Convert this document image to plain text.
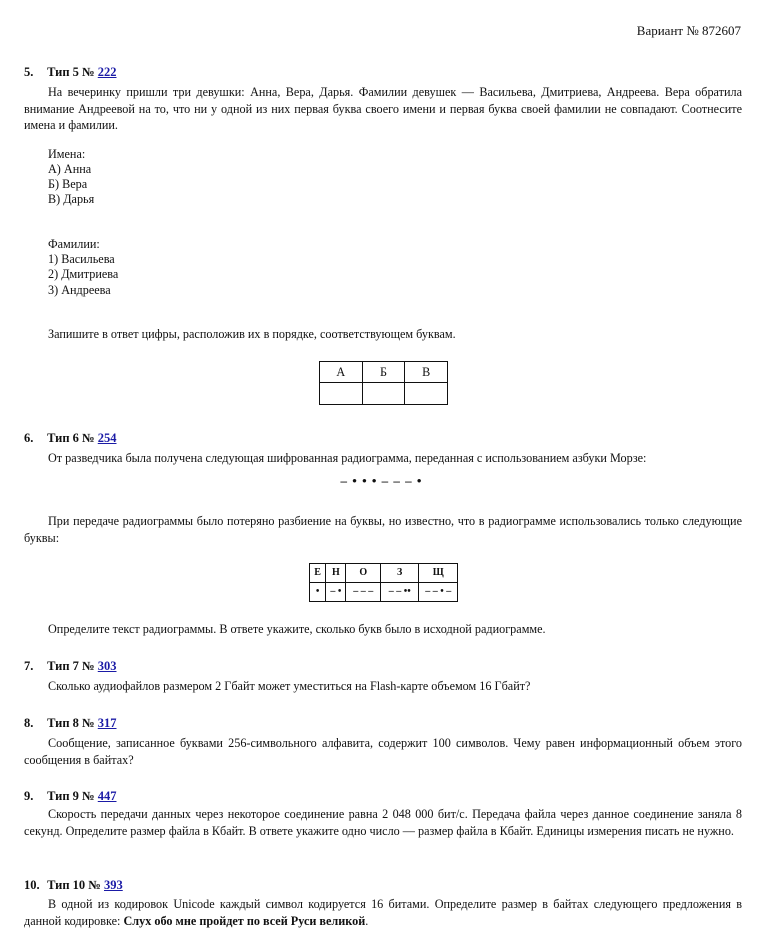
Вариант № 872607
5. Тип 5 № 222
На вечеринку пришли три девушки: Анна, Вера, Дарья. Фамилии девушек — Васильева, Дмитриева, Андреева. Вера обратила внимание Андреевой на то, что ни у одной из них первая буква своего имени и первая буква своей фамилии не совпадают. Соотнесите имена и фамилии.
Имена:
А) Анна
Б) Вера
В) Дарья
Фамилии:
1) Васильева
2) Дмитриева
3) Андреева
Запишите в ответ цифры, расположив их в порядке, соответствующем буквам.
А	Б	В

6. Тип 6 № 254
От разведчика была получена следующая шифрованная радиограмма, переданная с использованием азбуки Морзе:
– • • • – – – •
При передаче радиограммы было потеряно разбиение на буквы, но известно, что в радиограмме использовались только следующие буквы:
Е	Н	О	З	Щ
•	– •	– – –	– – ••	– – • –
Определите текст радиограммы. В ответе укажите, сколько букв было в исходной радиограмме.
7. Тип 7 № 303
Сколько аудиофайлов размером 2 Гбайт может уместиться на Flash-карте объемом 16 Гбайт?
8. Тип 8 № 317
Сообщение, записанное буквами 256-символьного алфавита, содержит 100 символов. Чему равен информационный объем этого сообщения в байтах?
9. Тип 9 № 447
Скорость передачи данных через некоторое соединение равна 2 048 000 бит/с. Передача файла через данное соединение заняла 8 секунд. Определите размер файла в Кбайт. В ответе укажите одно число — размер файла в Кбайт. Единицы измерения писать не нужно.
10. Тип 10 № 393
В одной из кодировок Unicode каждый символ кодируется 16 битами. Определите размер в байтах следующего предложения в данной кодировке: Слух обо мне пройдет по всей Руси великой.
